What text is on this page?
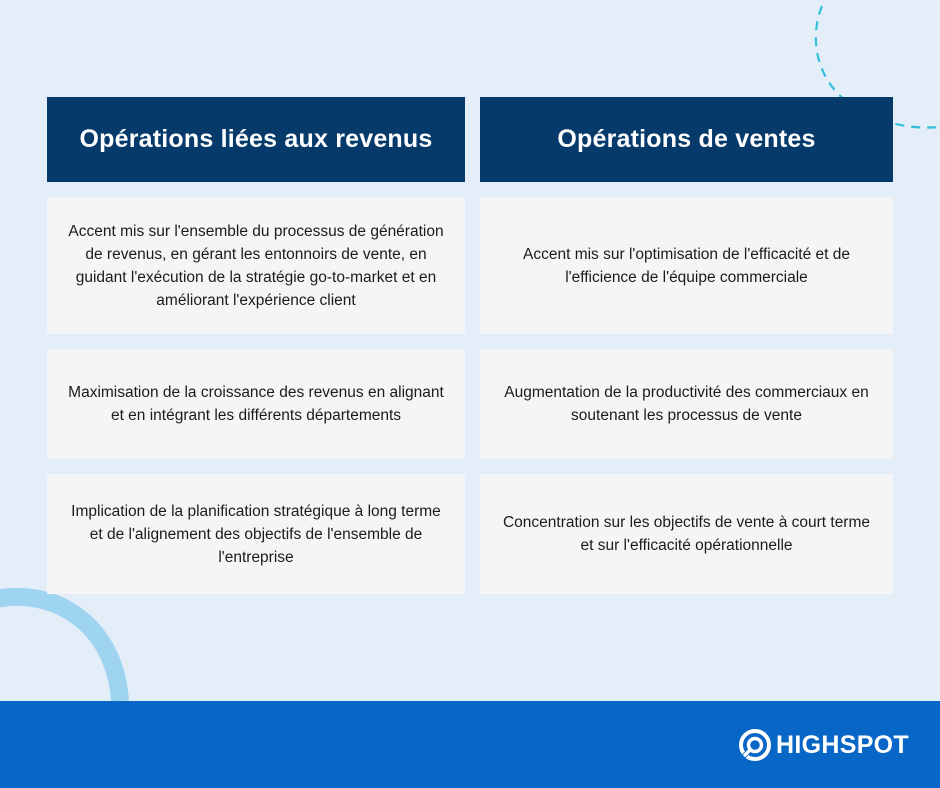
Opérations liées aux revenus	Opérations de ventes
Accent mis sur l'ensemble du processus de génération de revenus, en gérant les entonnoirs de vente, en guidant l'exécution de la stratégie go-to-market et en améliorant l'expérience client
Maximisation de la croissance des revenus en alignant et en intégrant les différents départements
Implication de la planification stratégique à long terme et de l'alignement des objectifs de l'ensemble de l'entreprise
Accent mis sur l'optimisation de l'efficacité et de l'efficience de l'équipe commerciale
Augmentation de la productivité des commerciaux en soutenant les processus de vente
Concentration sur les objectifs de vente à court terme et sur l'efficacité opérationnelle
HIGHSPOT
